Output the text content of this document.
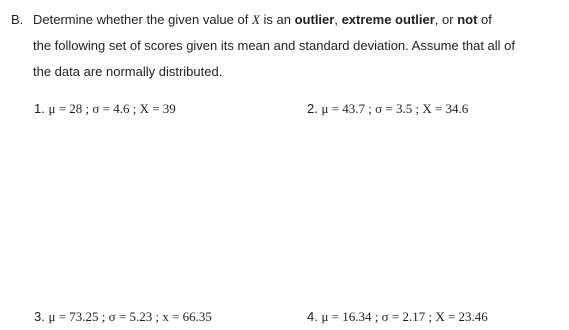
B. Determine whether the given value of X is an outlier, extreme outlier, or not of
the following set of scores given its mean and standard deviation. Assume that all of
the data are normally distributed.

1. μ = 28 ; σ = 4.6 ; X = 39	2. μ = 43.7 ; σ = 3.5 ; X = 34.6
3. μ = 73.25 ; σ = 5.23 ; x = 66.35	4. μ = 16.34 ; σ = 2.17 ; X = 23.46
